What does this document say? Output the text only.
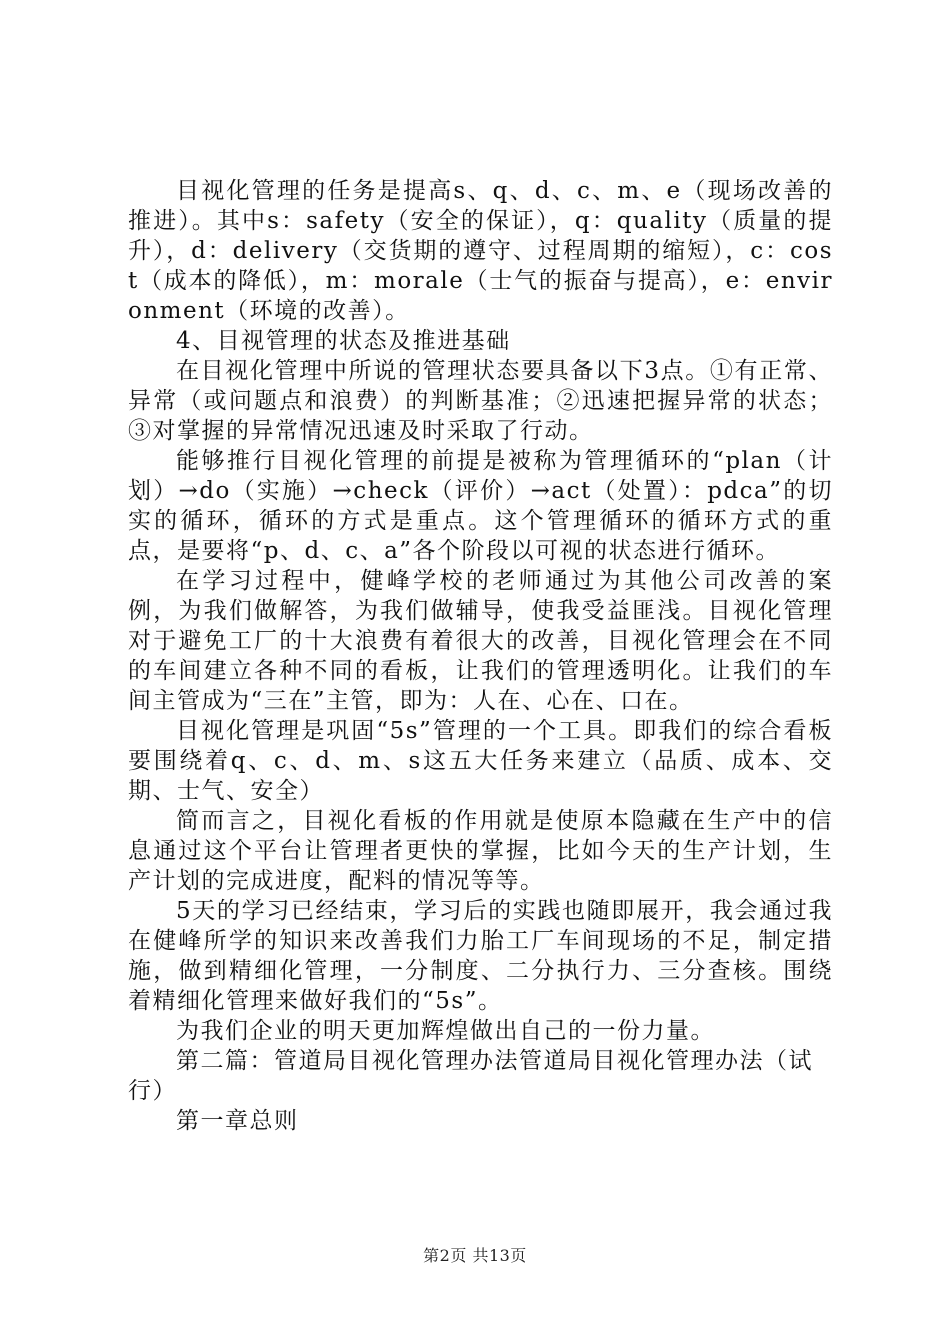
目视化管理的任务是提高s、q、d、c、m、e（现场改善的推进）。其中s：safety（安全的保证），q：quality（质量的提升），d：delivery（交货期的遵守、过程周期的缩短），c：cost（成本的降低），m：morale（士气的振奋与提高），e：environment（环境的改善）。

4、目视管理的状态及推进基础

在目视化管理中所说的管理状态要具备以下3点。①有正常、异常（或问题点和浪费）的判断基准；②迅速把握异常的状态；③对掌握的异常情况迅速及时采取了行动。

能够推行目视化管理的前提是被称为管理循环的“plan（计划）→do（实施）→check（评价）→act（处置）：pdca”的切实的循环，循环的方式是重点。这个管理循环的循环方式的重点，是要将“p、d、c、a”各个阶段以可视的状态进行循环。

在学习过程中，健峰学校的老师通过为其他公司改善的案例，为我们做解答，为我们做辅导，使我受益匪浅。目视化管理对于避免工厂的十大浪费有着很大的改善，目视化管理会在不同的车间建立各种不同的看板，让我们的管理透明化。让我们的车间主管成为“三在”主管，即为：人在、心在、口在。

目视化管理是巩固“5s”管理的一个工具。即我们的综合看板要围绕着q、c、d、m、s这五大任务来建立（品质、成本、交期、士气、安全）

简而言之，目视化看板的作用就是使原本隐藏在生产中的信息通过这个平台让管理者更快的掌握，比如今天的生产计划，生产计划的完成进度，配料的情况等等。

5天的学习已经结束，学习后的实践也随即展开，我会通过我在健峰所学的知识来改善我们力胎工厂车间现场的不足，制定措施，做到精细化管理，一分制度、二分执行力、三分查核。围绕着精细化管理来做好我们的“5s”。

为我们企业的明天更加辉煌做出自己的一份力量。

第二篇：管道局目视化管理办法管道局目视化管理办法（试行）

第一章总则

第2页 共13页
